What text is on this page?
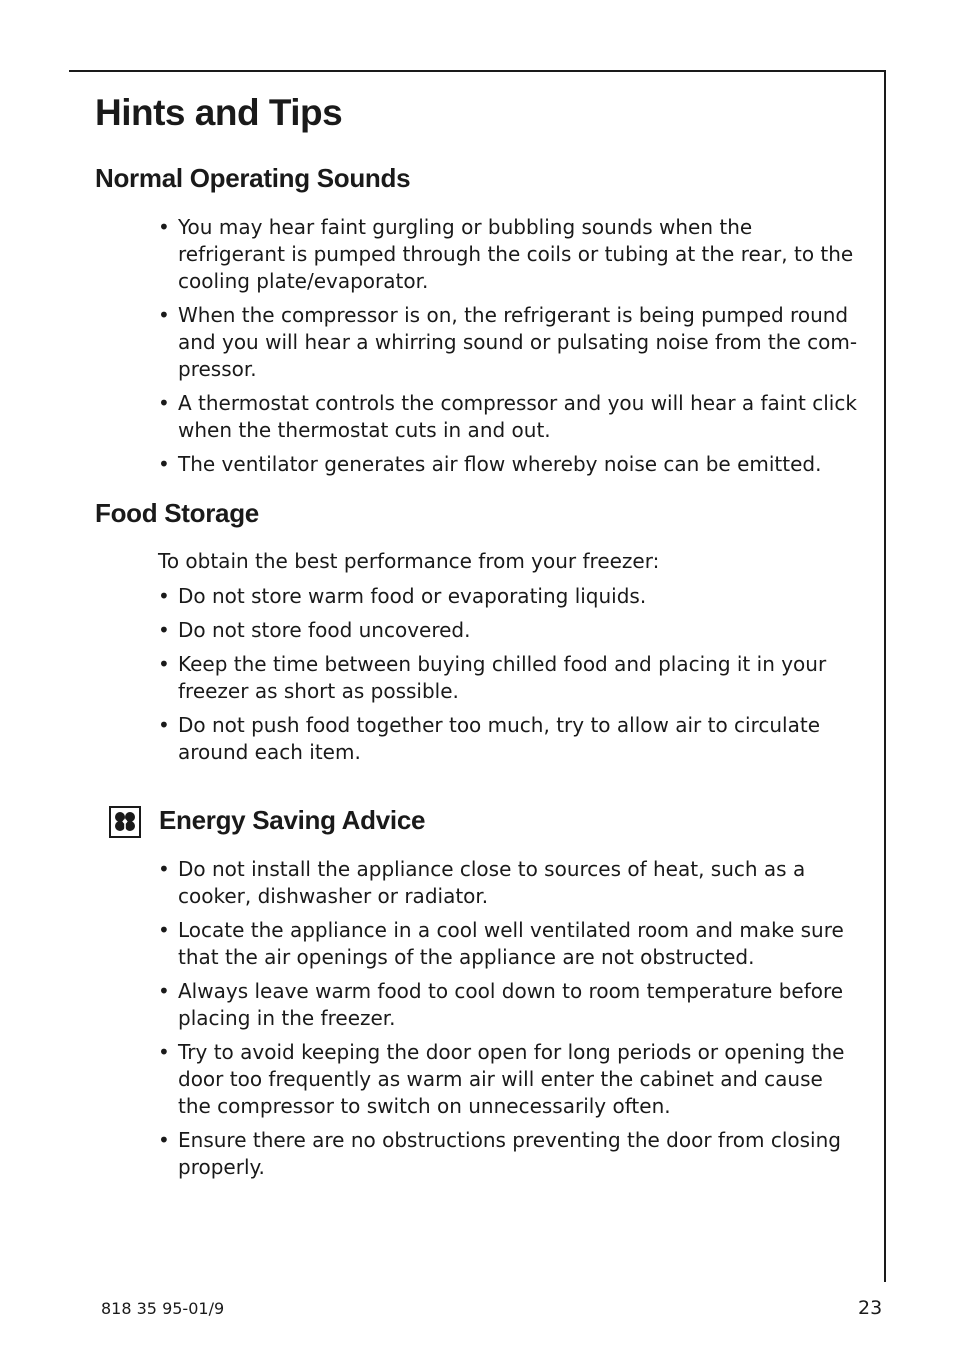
Hints and Tips
Normal Operating Sounds
• You may hear faint gurgling or bubbling sounds when the refrigerant is pumped through the coils or tubing at the rear, to the cooling plate/evaporator.
• When the compressor is on, the refrigerant is being pumped round and you will hear a whirring sound or pulsating noise from the com-pressor.
• A thermostat controls the compressor and you will hear a faint click when the thermostat cuts in and out.
• The ventilator generates air flow whereby noise can be emitted.
Food Storage

To obtain the best performance from your freezer:

• Do not store warm food or evaporating liquids.
• Do not store food uncovered.
• Keep the time between buying chilled food and placing it in your freezer as short as possible.
• Do not push food together too much, try to allow air to circulate around each item.
Energy Saving Advice
• Do not install the appliance close to sources of heat, such as a cooker, dishwasher or radiator.
• Locate the appliance in a cool well ventilated room and make sure that the air openings of the appliance are not obstructed.
• Always leave warm food to cool down to room temperature before placing in the freezer.
• Try to avoid keeping the door open for long periods or opening the door too frequently as warm air will enter the cabinet and cause the compressor to switch on unnecessarily often.
• Ensure there are no obstructions preventing the door from closing properly.
818 35 95-01/9	23
